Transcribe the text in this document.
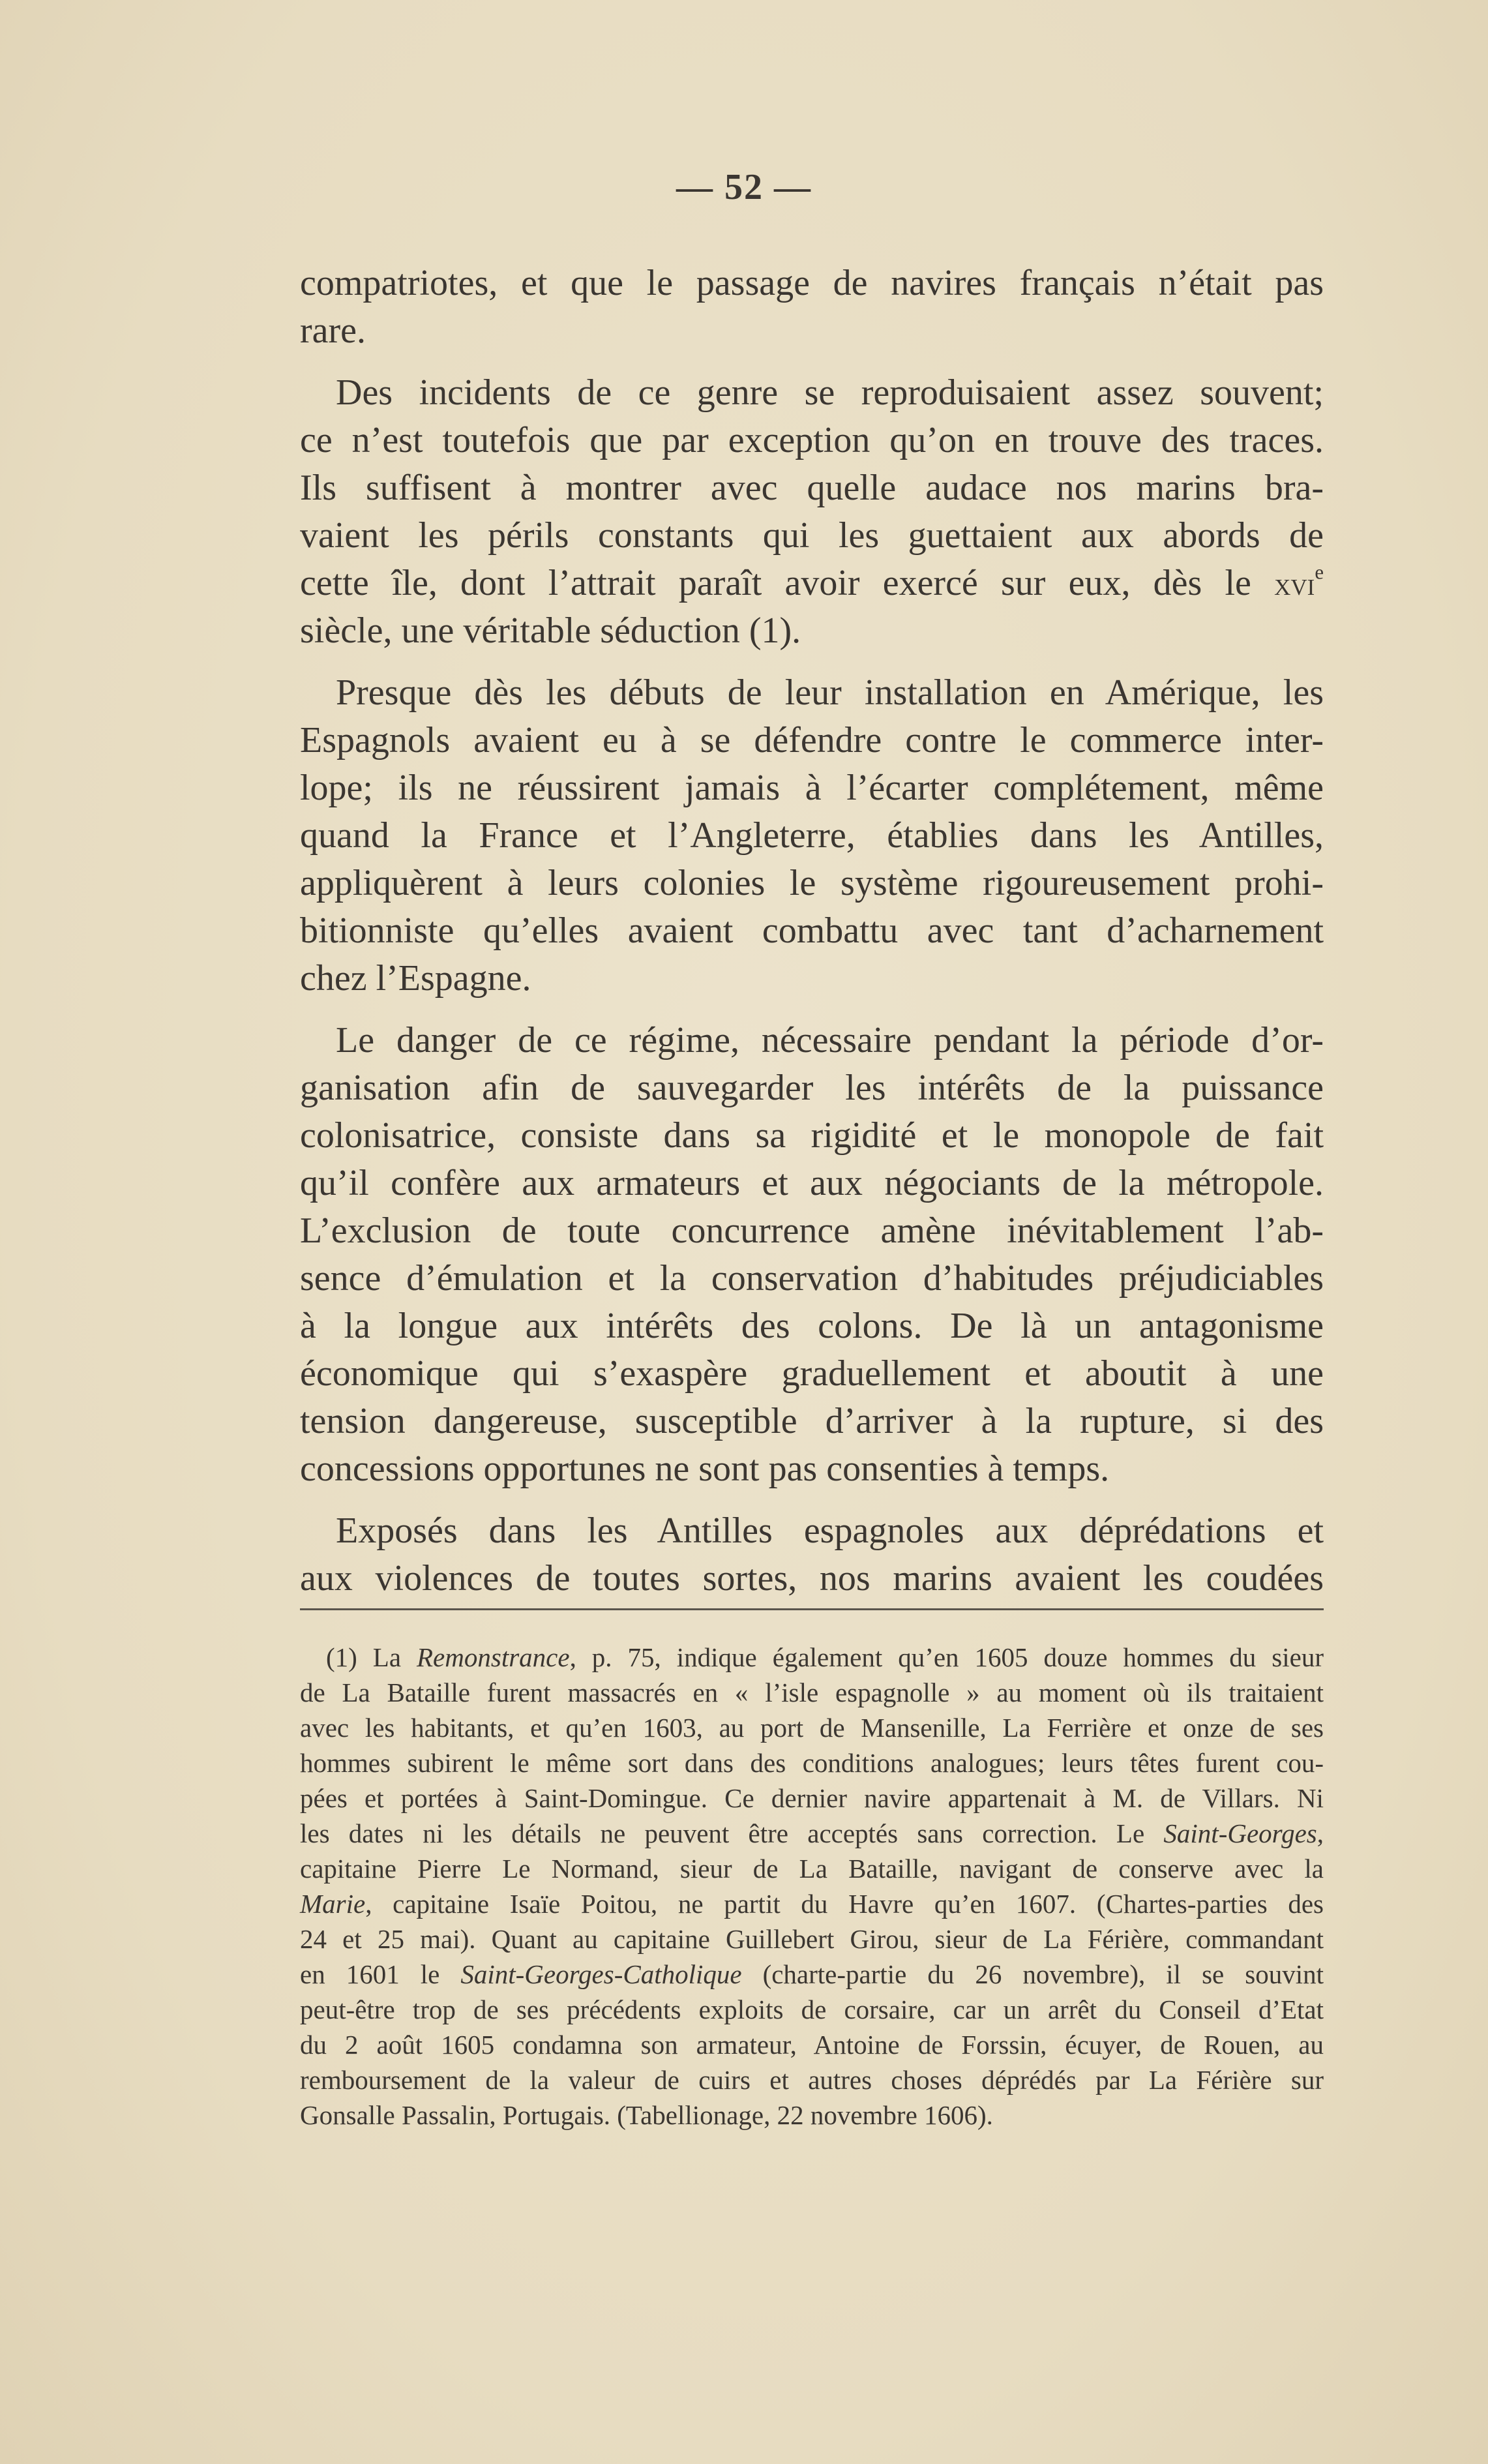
— 52 —
compatriotes, et que le passage de navires français n’était pas
rare.
Des incidents de ce genre se reproduisaient assez souvent;
ce n’est toutefois que par exception qu’on en trouve des traces.
Ils suffisent à montrer avec quelle audace nos marins bra-
vaient les périls constants qui les guettaient aux abords de
cette île, dont l’attrait paraît avoir exercé sur eux, dès le xvi$^e$
siècle, une véritable séduction (1).
Presque dès les débuts de leur installation en Amérique, les
Espagnols avaient eu à se défendre contre le commerce inter-
lope; ils ne réussirent jamais à l’écarter complétement, même
quand la France et l’Angleterre, établies dans les Antilles,
appliquèrent à leurs colonies le système rigoureusement prohi-
bitionniste qu’elles avaient combattu avec tant d’acharnement
chez l’Espagne.
Le danger de ce régime, nécessaire pendant la période d’or-
ganisation afin de sauvegarder les intérêts de la puissance
colonisatrice, consiste dans sa rigidité et le monopole de fait
qu’il confère aux armateurs et aux négociants de la métropole.
L’exclusion de toute concurrence amène inévitablement l’ab-
sence d’émulation et la conservation d’habitudes préjudiciables
à la longue aux intérêts des colons. De là un antagonisme
économique qui s’exaspère graduellement et aboutit à une
tension dangereuse, susceptible d’arriver à la rupture, si des
concessions opportunes ne sont pas consenties à temps.
Exposés dans les Antilles espagnoles aux déprédations et
aux violences de toutes sortes, nos marins avaient les coudées
(1) La Remonstrance, p. 75, indique également qu’en 1605 douze hommes du sieur
de La Bataille furent massacrés en « l’isle espagnolle » au moment où ils traitaient
avec les habitants, et qu’en 1603, au port de Mansenille, La Ferrière et onze de ses
hommes subirent le même sort dans des conditions analogues; leurs têtes furent cou-
pées et portées à Saint-Domingue. Ce dernier navire appartenait à M. de Villars. Ni
les dates ni les détails ne peuvent être acceptés sans correction. Le Saint-Georges,
capitaine Pierre Le Normand, sieur de La Bataille, navigant de conserve avec la
Marie, capitaine Isaïe Poitou, ne partit du Havre qu’en 1607. (Chartes-parties des
24 et 25 mai). Quant au capitaine Guillebert Girou, sieur de La Férière, commandant
en 1601 le Saint-Georges-Catholique (charte-partie du 26 novembre), il se souvint
peut-être trop de ses précédents exploits de corsaire, car un arrêt du Conseil d’Etat
du 2 août 1605 condamna son armateur, Antoine de Forssin, écuyer, de Rouen, au
remboursement de la valeur de cuirs et autres choses déprédés par La Férière sur
Gonsalle Passalin, Portugais. (Tabellionage, 22 novembre 1606).
